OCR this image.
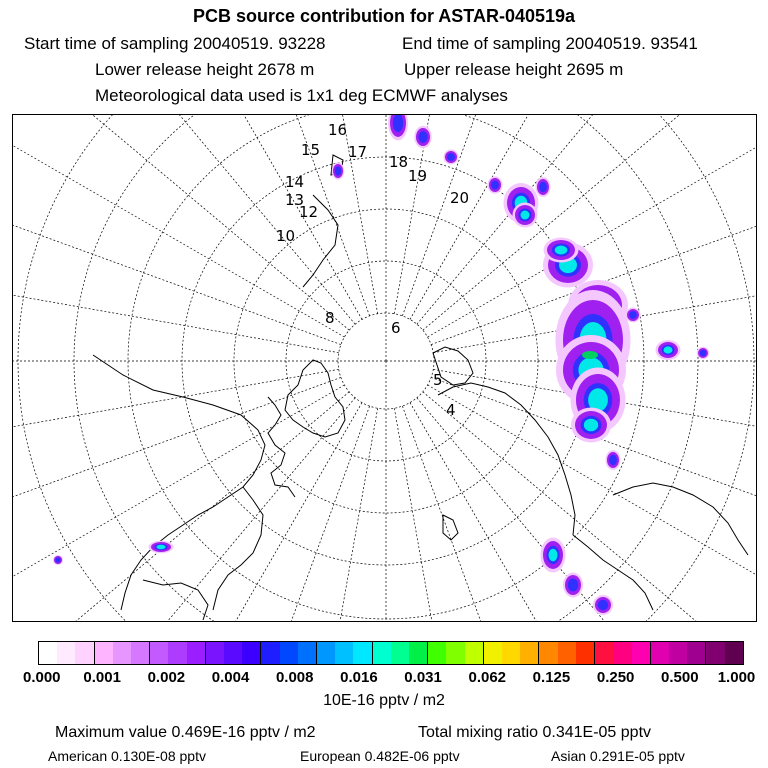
PCB source contribution for ASTAR-040519a
Start time of sampling 20040519. 93228	End time of sampling 20040519. 93541
Lower release height 2678 m	Upper release height 2695 m
Meteorological data used is 1x1 deg ECMWF analyses
16
15 17
18
19
20
14
13
12
10
8
6
5
4
0.000 0.001 0.002 0.004 0.008 0.016 0.031 0.062 0.125 0.250 0.500 1.000
10E-16 pptv / m2
Maximum value 0.469E-16 pptv / m2	Total mixing ratio 0.341E-05 pptv
American 0.130E-08 pptv	European 0.482E-06 pptv	Asian 0.291E-05 pptv
